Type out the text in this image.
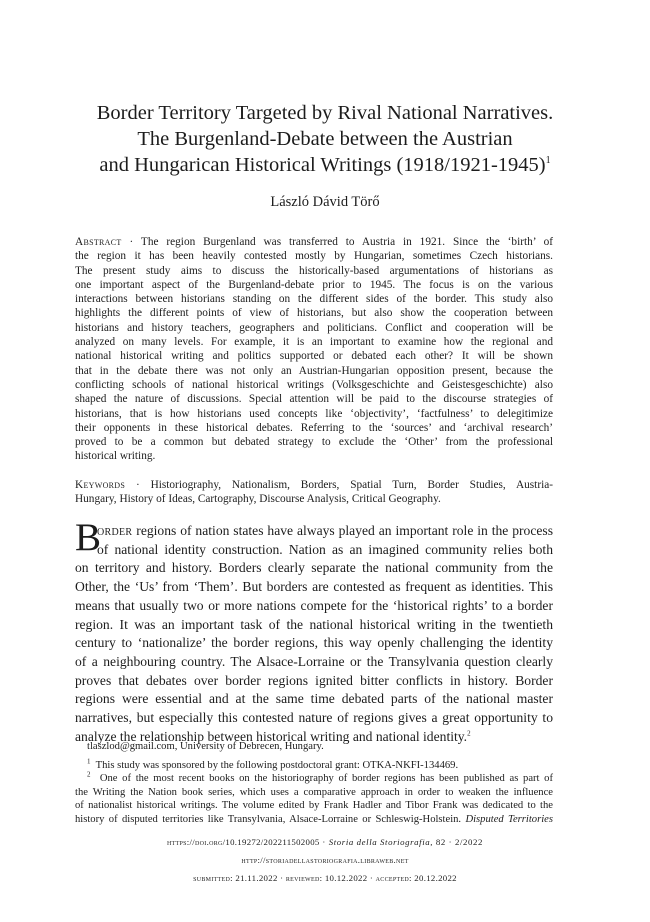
Border Territory Targeted by Rival National Narratives.
The Burgenland-Debate between the Austrian
and Hungarican Historical Writings $(1918/1921-1945)^1$
László Dávid Törő
Abstract · The region Burgenland was transferred to Austria in 1921. Since the ‘birth’ of
the region it has been heavily contested mostly by Hungarian, sometimes Czech historians.
The present study aims to discuss the historically-based argumentations of historians as
one important aspect of the Burgenland-debate prior to 1945. The focus is on the various
interactions between historians standing on the different sides of the border. This study also
highlights the different points of view of historians, but also show the cooperation between
historians and history teachers, geographers and politicians. Conflict and cooperation will be
analyzed on many levels. For example, it is an important to examine how the regional and
national historical writing and politics supported or debated each other? It will be shown
that in the debate there was not only an Austrian-Hungarian opposition present, because the
conflicting schools of national historical writings (Volksgeschichte and Geistesgeschichte) also
shaped the nature of discussions. Special attention will be paid to the discourse strategies of
historians, that is how historians used concepts like ‘objectivity’, ‘factfulness’ to delegitimize
their opponents in these historical debates. Referring to the ‘sources’ and ‘archival research’
proved to be a common but debated strategy to exclude the ‘Other’ from the professional
historical writing.
Keywords · Historiography, Nationalism, Borders, Spatial Turn, Border Studies, Austria-
Hungary, History of Ideas, Cartography, Discourse Analysis, Critical Geography.
B
order regions of nation states have always played an important role in the process
of national identity construction. Nation as an imagined community relies both
on territory and history. Borders clearly separate the national community from the
Other, the ‘Us’ from ‘Them’. But borders are contested as frequent as identities. This
means that usually two or more nations compete for the ‘historical rights’ to a border
region. It was an important task of the national historical writing in the twentieth
century to ‘nationalize’ the border regions, this way openly challenging the identity
of a neighbouring country. The Alsace-Lorraine or the Transylvania question clearly
proves that debates over border regions ignited bitter conflicts in history. Border
regions were essential and at the same time debated parts of the national master
narratives, but especially this contested nature of regions gives a great opportunity to
analyze the relationship between historical writing and national identity.$^2$
tlaszlod@gmail.com, University of Debrecen, Hungary.
$^1$ This study was sponsored by the following postdoctoral grant: OTKA-NKFI-134469.
$^2$ One of the most recent books on the historiography of border regions has been published as part of
the Writing the Nation book series, which uses a comparative approach in order to weaken the influence
of nationalist historical writings. The volume edited by Frank Hadler and Tibor Frank was dedicated to the
history of disputed territories like Transylvania, Alsace-Lorraine or Schleswig-Holstein. Disputed Territories
https://doi.org/10.19272/202211502005 · Storia della Storiografia, 82 · 2/2022
http://storiadellastoriografia.libraweb.net
submitted: 21.11.2022 · reviewed: 10.12.2022 · accepted: 20.12.2022
